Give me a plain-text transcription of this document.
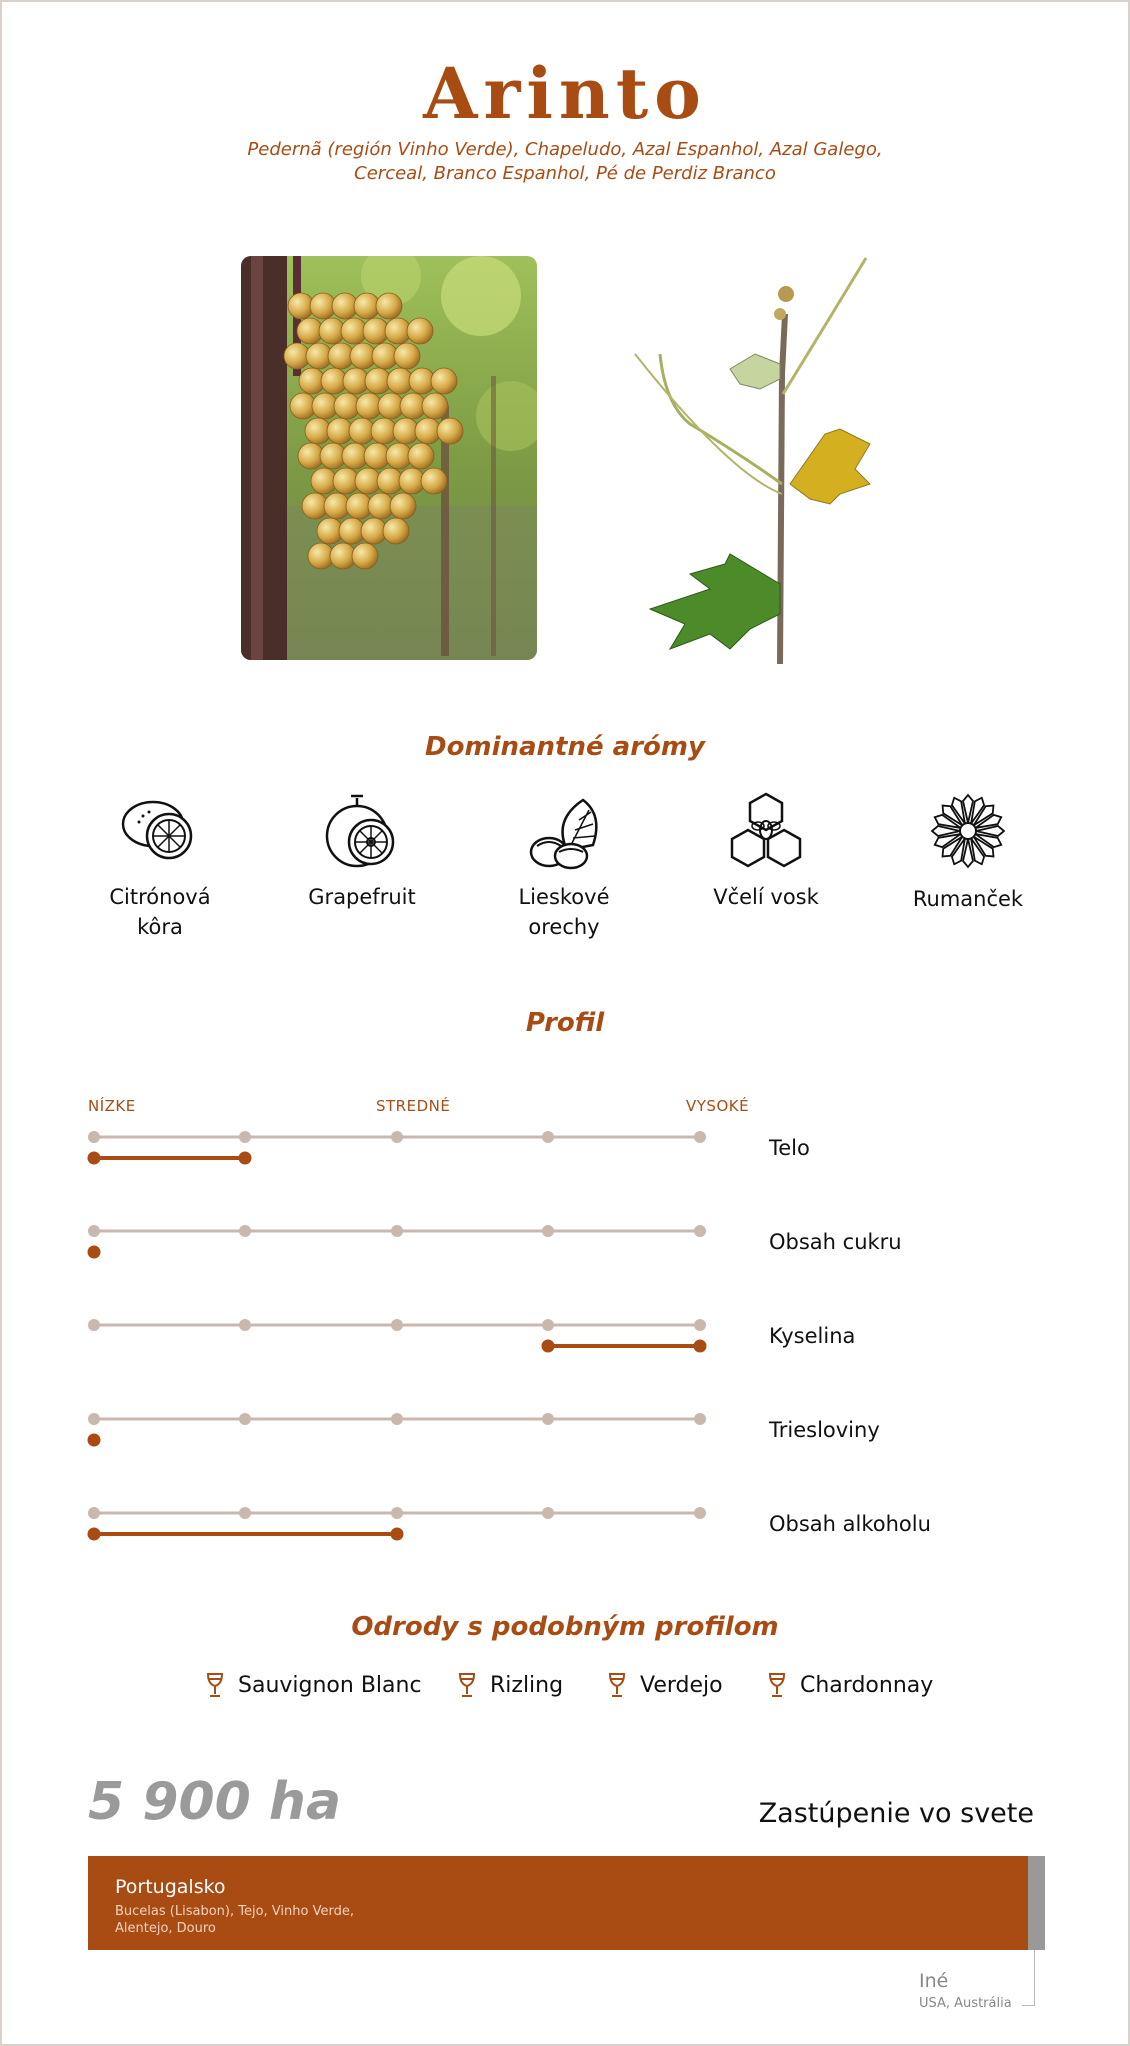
Arinto
Pedernã (región Vinho Verde), Chapeludo, Azal Espanhol, Azal Galego,
Cerceal, Branco Espanhol, Pé de Perdiz Branco
Dominantné arómy
Citrónová
kôra
Grapefruit	Lieskové
orechy
Včelí vosk	Rumanček
Profil
NÍZKE	STREDNÉ	VYSOKÉ
Telo
Obsah cukru
Kyselina
Triesloviny
Obsah alkoholu
Odrody s podobným profilom
Sauvignon Blanc	Rizling	Verdejo	Chardonnay
5 900 ha	Zastúpenie vo svete
Portugalsko
Bucelas (Lisabon), Tejo, Vinho Verde,
Alentejo, Douro
Iné
USA, Austrália
